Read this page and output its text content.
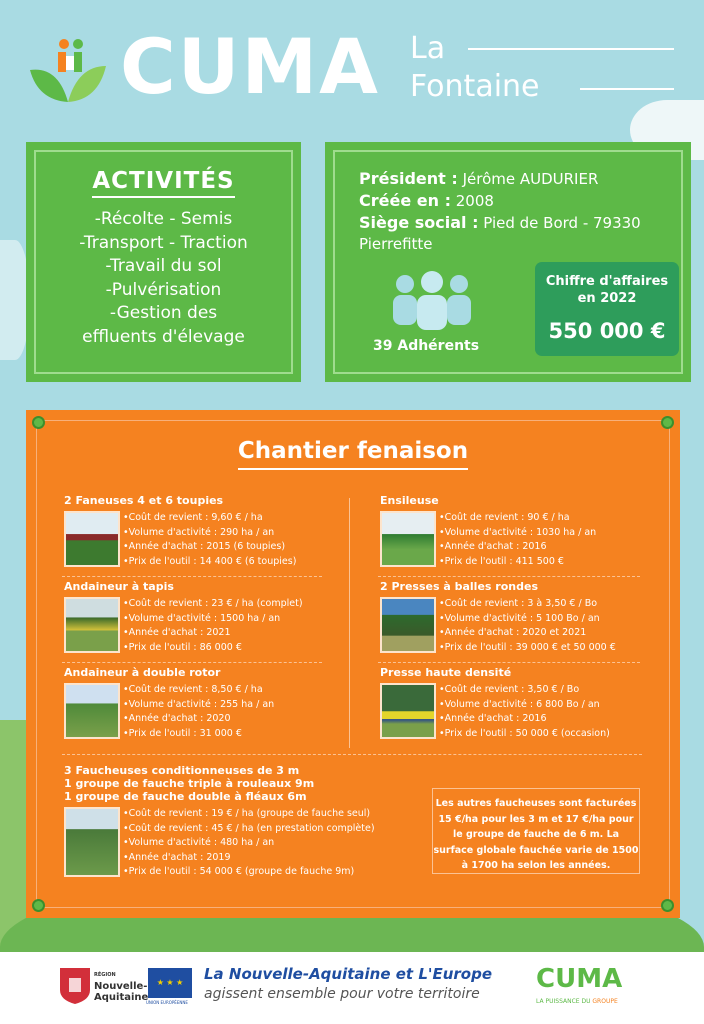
CUMA La
Fontaine
ACTIVITÉS
-Récolte - Semis
-Transport - Traction
-Travail du sol
-Pulvérisation
-Gestion des
effluents d'élevage
Président : Jérôme AUDURIER
Créée en : 2008
Siège social : Pied de Bord - 79330 Pierrefitte
39 Adhérents
Chiffre d'affaires en 2022
550 000 €
Chantier fenaison
2 Faneuses 4 et 6 toupies
•Coût de revient : 9,60 € / ha
•Volume d'activité : 290 ha / an
•Année d'achat : 2015 (6 toupies)
•Prix de l'outil : 14 400 € (6 toupies)
Andaineur à tapis
•Coût de revient : 23 € / ha (complet)
•Volume d'activité : 1500 ha / an
•Année d'achat : 2021
•Prix de l'outil : 86 000 €
Andaineur à double rotor
•Coût de revient : 8,50 € / ha
•Volume d'activité : 255 ha / an
•Année d'achat : 2020
•Prix de l'outil : 31 000 €
Ensileuse
•Coût de revient : 90 € / ha
•Volume d'activité : 1030 ha / an
•Année d'achat : 2016
•Prix de l'outil : 411 500 €
2 Presses à balles rondes
•Coût de revient : 3 à 3,50 € / Bo
•Volume d'activité : 5 100 Bo / an
•Année d'achat : 2020 et 2021
•Prix de l'outil : 39 000 € et 50 000 €
Presse haute densité
•Coût de revient : 3,50 € / Bo
•Volume d'activité : 6 800 Bo / an
•Année d'achat : 2016
•Prix de l'outil : 50 000 € (occasion)
3 Faucheuses conditionneuses de 3 m
1 groupe de fauche triple à rouleaux 9m
1 groupe de fauche double à fléaux 6m
•Coût de revient : 19 € / ha (groupe de fauche seul)
•Coût de revient : 45 € / ha (en prestation complète)
•Volume d'activité : 480 ha / an
•Année d'achat : 2019
•Prix de l'outil : 54 000 € (groupe de fauche 9m)
Les autres faucheuses sont facturées 15 €/ha pour les 3 m et 17 €/ha pour le groupe de fauche de 6 m. La surface globale fauchée varie de 1500 à 1700 ha selon les années.
RÉGION
Nouvelle-
Aquitaine
★ ★ ★
UNION EUROPÉENNE
La Nouvelle-Aquitaine et L'Europe
agissent ensemble pour votre territoire CUMA
LA PUISSANCE DU GROUPE
